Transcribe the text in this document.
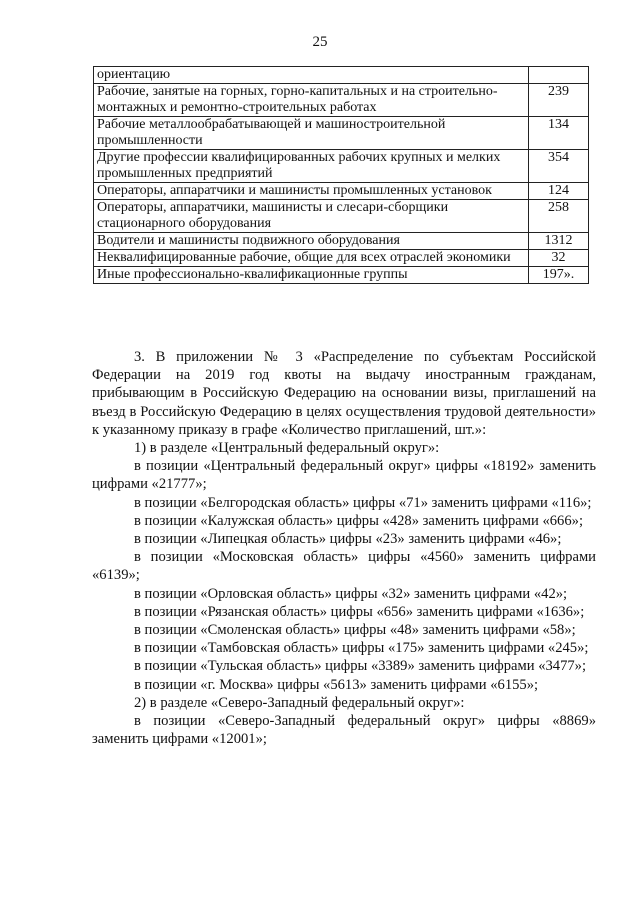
25
ориентацию	
Рабочие, занятые на горных, горно-капитальных и на строительно-монтажных и ремонтно-строительных работах	239
Рабочие металлообрабатывающей и машиностроительной промышленности	134
Другие профессии квалифицированных рабочих крупных и мелких промышленных предприятий	354
Операторы, аппаратчики и машинисты промышленных установок	124
Операторы, аппаратчики, машинисты и слесари-сборщики стационарного оборудования	258
Водители и машинисты подвижного оборудования	1312
Неквалифицированные рабочие, общие для всех отраслей экономики	32
Иные профессионально-квалификационные группы	197».

3. В приложении № 3 «Распределение по субъектам Российской Федерации на 2019 год квоты на выдачу иностранным гражданам, прибывающим в Российскую Федерацию на основании визы, приглашений на въезд в Российскую Федерацию в целях осуществления трудовой деятельности» к указанному приказу в графе «Количество приглашений, шт.»:

1) в разделе «Центральный федеральный округ»:

в позиции «Центральный федеральный округ» цифры «18192» заменить цифрами «21777»;

в позиции «Белгородская область» цифры «71» заменить цифрами «116»;

в позиции «Калужская область» цифры «428» заменить цифрами «666»;

в позиции «Липецкая область» цифры «23» заменить цифрами «46»;

в позиции «Московская область» цифры «4560» заменить цифрами «6139»;

в позиции «Орловская область» цифры «32» заменить цифрами «42»;

в позиции «Рязанская область» цифры «656» заменить цифрами «1636»;

в позиции «Смоленская область» цифры «48» заменить цифрами «58»;

в позиции «Тамбовская область» цифры «175» заменить цифрами «245»;

в позиции «Тульская область» цифры «3389» заменить цифрами «3477»;

в позиции «г. Москва» цифры «5613» заменить цифрами «6155»;

2) в разделе «Северо-Западный федеральный округ»:

в позиции «Северо-Западный федеральный округ» цифры «8869» заменить цифрами «12001»;
